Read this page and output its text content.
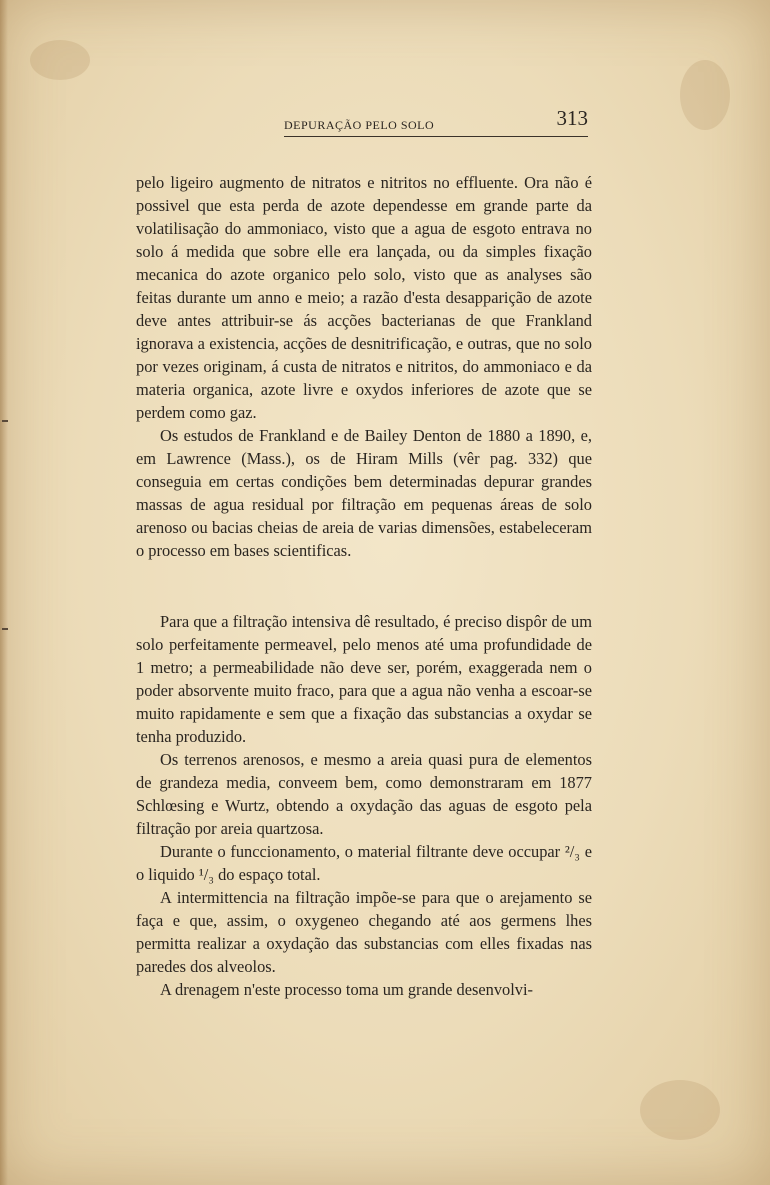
DEPURAÇÃO PELO SOLO	313

pelo ligeiro augmento de nitratos e nitritos no effluente. Ora não é possivel que esta perda de azote dependesse em grande parte da volatilisação do ammoniaco, visto que a agua de esgoto entrava no solo á medida que sobre elle era lançada, ou da simples fixação mecanica do azote organico pelo solo, visto que as analyses são feitas durante um anno e meio; a razão d'esta desapparição de azote deve antes attribuir-se ás acções bacterianas de que Frankland ignorava a existencia, acções de desnitrificação, e outras, que no solo por vezes originam, á custa de nitratos e nitritos, do ammoniaco e da materia organica, azote livre e oxydos inferiores de azote que se perdem como gaz.

Os estudos de Frankland e de Bailey Denton de 1880 a 1890, e, em Lawrence (Mass.), os de Hiram Mills (vêr pag. 332) que conseguia em certas condições bem determinadas depurar grandes massas de agua residual por filtração em pequenas áreas de solo arenoso ou bacias cheias de areia de varias dimensões, estabeleceram o processo em bases scientificas.

Para que a filtração intensiva dê resultado, é preciso dispôr de um solo perfeitamente permeavel, pelo menos até uma profundidade de 1 metro; a permeabilidade não deve ser, porém, exaggerada nem o poder absorvente muito fraco, para que a agua não venha a escoar-se muito rapidamente e sem que a fixação das substancias a oxydar se tenha produzido.

Os terrenos arenosos, e mesmo a areia quasi pura de elementos de grandeza media, conveem bem, como demonstraram em 1877 Schlœsing e Wurtz, obtendo a oxydação das aguas de esgoto pela filtração por areia quartzosa.

Durante o funccionamento, o material filtrante deve occupar ²/₃ e o liquido ¹/₃ do espaço total.

A intermittencia na filtração impõe-se para que o arejamento se faça e que, assim, o oxygeneo chegando até aos germens lhes permitta realizar a oxydação das substancias com elles fixadas nas paredes dos alveolos.

A drenagem n'este processo toma um grande desenvolvi-
